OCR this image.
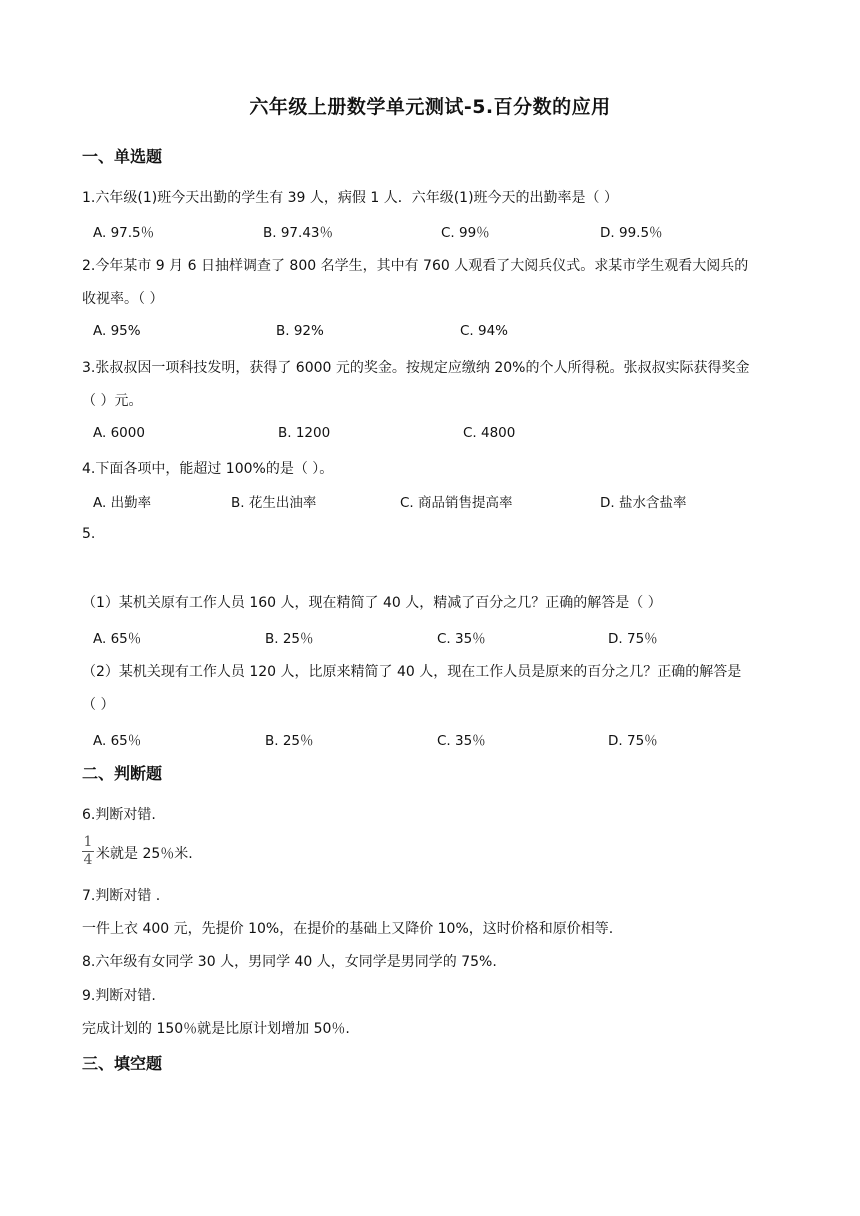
六年级上册数学单元测试-5.百分数的应用
一、单选题
1.六年级(1)班今天出勤的学生有 39 人，病假 1 人．六年级(1)班今天的出勤率是（ ）
A. 97.5％	B. 97.43％	C. 99％	D. 99.5％
2.今年某市 9 月 6 日抽样调查了 800 名学生，其中有 760 人观看了大阅兵仪式。求某市学生观看大阅兵的
收视率。（ ）
A. 95%	B. 92%	C. 94%
3.张叔叔因一项科技发明，获得了 6000 元的奖金。按规定应缴纳 20%的个人所得税。张叔叔实际获得奖金
（ ）元。
A. 6000	B. 1200	C. 4800
4.下面各项中，能超过 100%的是（ ）。
A. 出勤率	B. 花生出油率	C. 商品销售提高率	D. 盐水含盐率
5.
（1）某机关原有工作人员 160 人，现在精简了 40 人，精减了百分之几？正确的解答是（ ）
A. 65％	B. 25％	C. 35％	D. 75％
（2）某机关现有工作人员 120 人，比原来精简了 40 人，现在工作人员是原来的百分之几？正确的解答是
（ ）
A. 65％	B. 25％	C. 35％	D. 75％
二、判断题
6.判断对错.
$\frac{1}{4}$ 米就是 25％米.
7.判断对错 .
一件上衣 400 元，先提价 10%，在提价的基础上又降价 10%，这时价格和原价相等.
8.六年级有女同学 30 人，男同学 40 人，女同学是男同学的 75%.
9.判断对错.
完成计划的 150％就是比原计划增加 50％.
三、填空题
